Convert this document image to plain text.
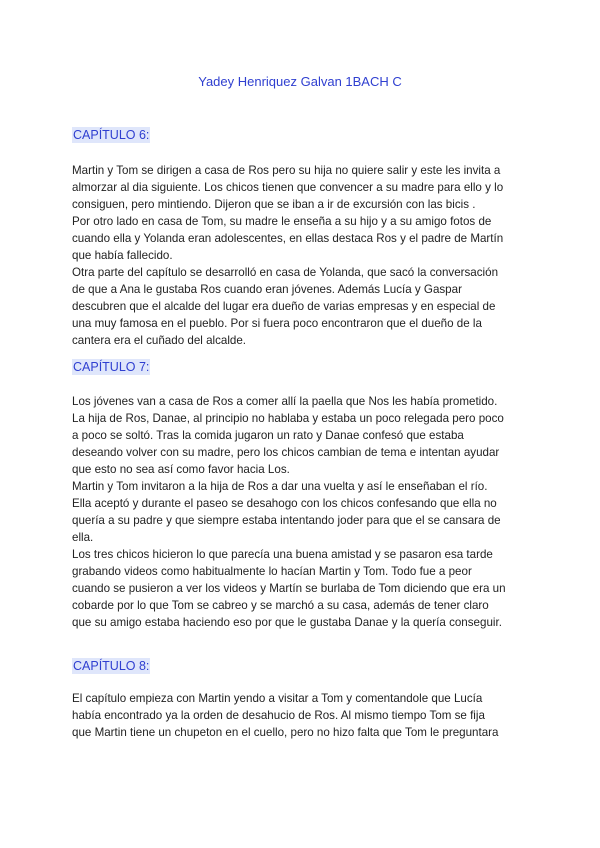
Yadey Henriquez Galvan 1BACH C
CAPÍTULO 6:
Martin y Tom se dirigen a casa de Ros pero su hija no quiere salir y este les invita a
almorzar al dia siguiente. Los chicos tienen que convencer a su madre para ello y lo
consiguen, pero mintiendo. Dijeron que se iban a ir de excursión con las bicis .
Por otro lado en casa de Tom, su madre le enseña a su hijo y a su amigo fotos de
cuando ella y Yolanda eran adolescentes, en ellas destaca Ros y el padre de Martín
que había fallecido.
Otra parte del capítulo se desarrolló en casa de Yolanda, que sacó la conversación
de que a Ana le gustaba Ros cuando eran jóvenes. Además Lucía y Gaspar
descubren que el alcalde del lugar era dueño de varias empresas y en especial de
una muy famosa en el pueblo. Por si fuera poco encontraron que el dueño de la
cantera era el cuñado del alcalde.
CAPÍTULO 7:
Los jóvenes van a casa de Ros a comer allí la paella que Nos les había prometido.
La hija de Ros, Danae, al principio no hablaba y estaba un poco relegada pero poco
a poco se soltó. Tras la comida jugaron un rato y Danae confesó que estaba
deseando volver con su madre, pero los chicos cambian de tema e intentan ayudar
que esto no sea así como favor hacia Los.
Martin y Tom invitaron a la hija de Ros a dar una vuelta y así le enseñaban el río.
Ella aceptó y durante el paseo se desahogo con los chicos confesando que ella no
quería a su padre y que siempre estaba intentando joder para que el se cansara de
ella.
Los tres chicos hicieron lo que parecía una buena amistad y se pasaron esa tarde
grabando videos como habitualmente lo hacían Martin y Tom. Todo fue a peor
cuando se pusieron a ver los videos y Martín se burlaba de Tom diciendo que era un
cobarde por lo que Tom se cabreo y se marchó a su casa, además de tener claro
que su amigo estaba haciendo eso por que le gustaba Danae y la quería conseguir.
CAPÍTULO 8:
El capítulo empieza con Martin yendo a visitar a Tom y comentandole que Lucía
había encontrado ya la orden de desahucio de Ros. Al mismo tiempo Tom se fija
que Martin tiene un chupeton en el cuello, pero no hizo falta que Tom le preguntara
